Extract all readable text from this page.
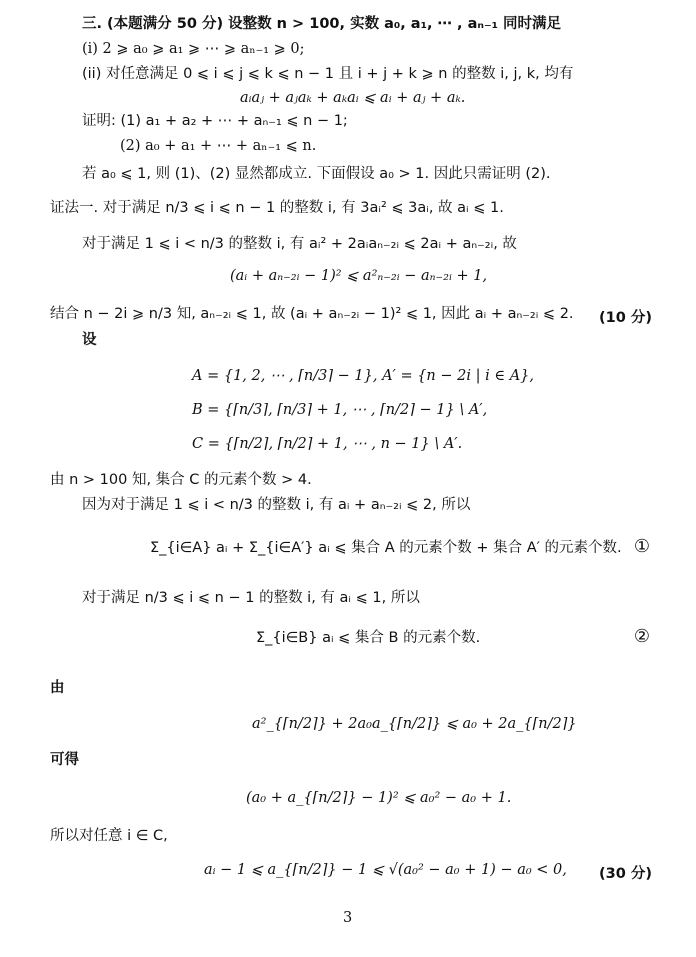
三. (本题满分 50 分) 设整数 n > 100, 实数 a₀, a₁, ⋯ , aₙ₋₁ 同时满足
(i) 2 ⩾ a₀ ⩾ a₁ ⩾ ⋯ ⩾ aₙ₋₁ ⩾ 0;
(ii) 对任意满足 0 ⩽ i ⩽ j ⩽ k ⩽ n − 1 且 i + j + k ⩾ n 的整数 i, j, k, 均有
aᵢaⱼ + aⱼaₖ + aₖaᵢ ⩽ aᵢ + aⱼ + aₖ.
证明: (1) a₁ + a₂ + ⋯ + aₙ₋₁ ⩽ n − 1;
(2) a₀ + a₁ + ⋯ + aₙ₋₁ ⩽ n.
若 a₀ ⩽ 1, 则 (1)、(2) 显然都成立. 下面假设 a₀ > 1. 因此只需证明 (2).
证法一. 对于满足 n/3 ⩽ i ⩽ n − 1 的整数 i, 有 3aᵢ² ⩽ 3aᵢ, 故 aᵢ ⩽ 1.
对于满足 1 ⩽ i < n/3 的整数 i, 有 aᵢ² + 2aᵢaₙ₋₂ᵢ ⩽ 2aᵢ + aₙ₋₂ᵢ, 故
(aᵢ + aₙ₋₂ᵢ − 1)² ⩽ a²ₙ₋₂ᵢ − aₙ₋₂ᵢ + 1,
结合 n − 2i ⩾ n/3 知, aₙ₋₂ᵢ ⩽ 1, 故 (aᵢ + aₙ₋₂ᵢ − 1)² ⩽ 1, 因此 aᵢ + aₙ₋₂ᵢ ⩽ 2. (10 分)
设
A = {1, 2, ⋯ , ⌈n/3⌉ − 1}, A′ = {n − 2i | i ∈ A},
B = {⌈n/3⌉, ⌈n/3⌉ + 1, ⋯ , ⌈n/2⌉ − 1} \ A′,
C = {⌈n/2⌉, ⌈n/2⌉ + 1, ⋯ , n − 1} \ A′.
由 n > 100 知, 集合 C 的元素个数 > 4.
因为对于满足 1 ⩽ i < n/3 的整数 i, 有 aᵢ + aₙ₋₂ᵢ ⩽ 2, 所以
Σ_{i∈A} aᵢ + Σ_{i∈A′} aᵢ ⩽ 集合 A 的元素个数 + 集合 A′ 的元素个数. ①
对于满足 n/3 ⩽ i ⩽ n − 1 的整数 i, 有 aᵢ ⩽ 1, 所以
Σ_{i∈B} aᵢ ⩽ 集合 B 的元素个数.	②
由
a²_{⌈n/2⌉} + 2a₀a_{⌈n/2⌉} ⩽ a₀ + 2a_{⌈n/2⌉}
可得
(a₀ + a_{⌈n/2⌉} − 1)² ⩽ a₀² − a₀ + 1.
所以对任意 i ∈ C,
aᵢ − 1 ⩽ a_{⌈n/2⌉} − 1 ⩽ √(a₀² − a₀ + 1) − a₀ < 0, (30 分)
3
